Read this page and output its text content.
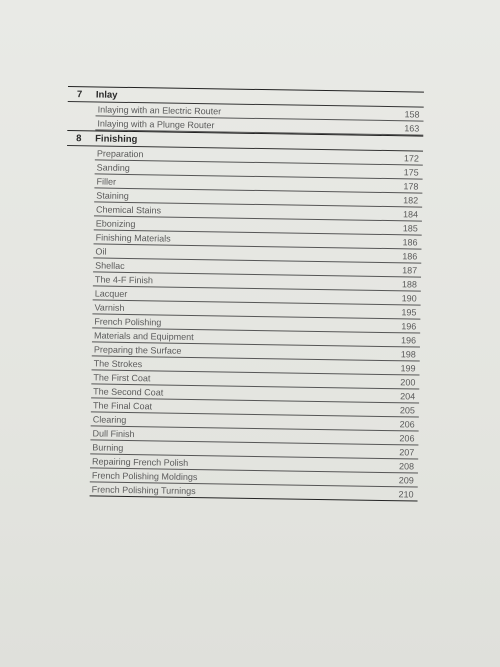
7	Inlay
Inlaying with an Electric Router	158
Inlaying with a Plunge Router	163
8	Finishing
Preparation	172
Sanding	175
Filler	178
Staining	182
Chemical Stains	184
Ebonizing	185
Finishing Materials	186
Oil	186
Shellac	187
The 4-F Finish	188
Lacquer	190
Varnish	195
French Polishing	196
Materials and Equipment	196
Preparing the Surface	198
The Strokes	199
The First Coat	200
The Second Coat	204
The Final Coat	205
Clearing	206
Dull Finish	206
Burning	207
Repairing French Polish	208
French Polishing Moldings	209
French Polishing Turnings	210
